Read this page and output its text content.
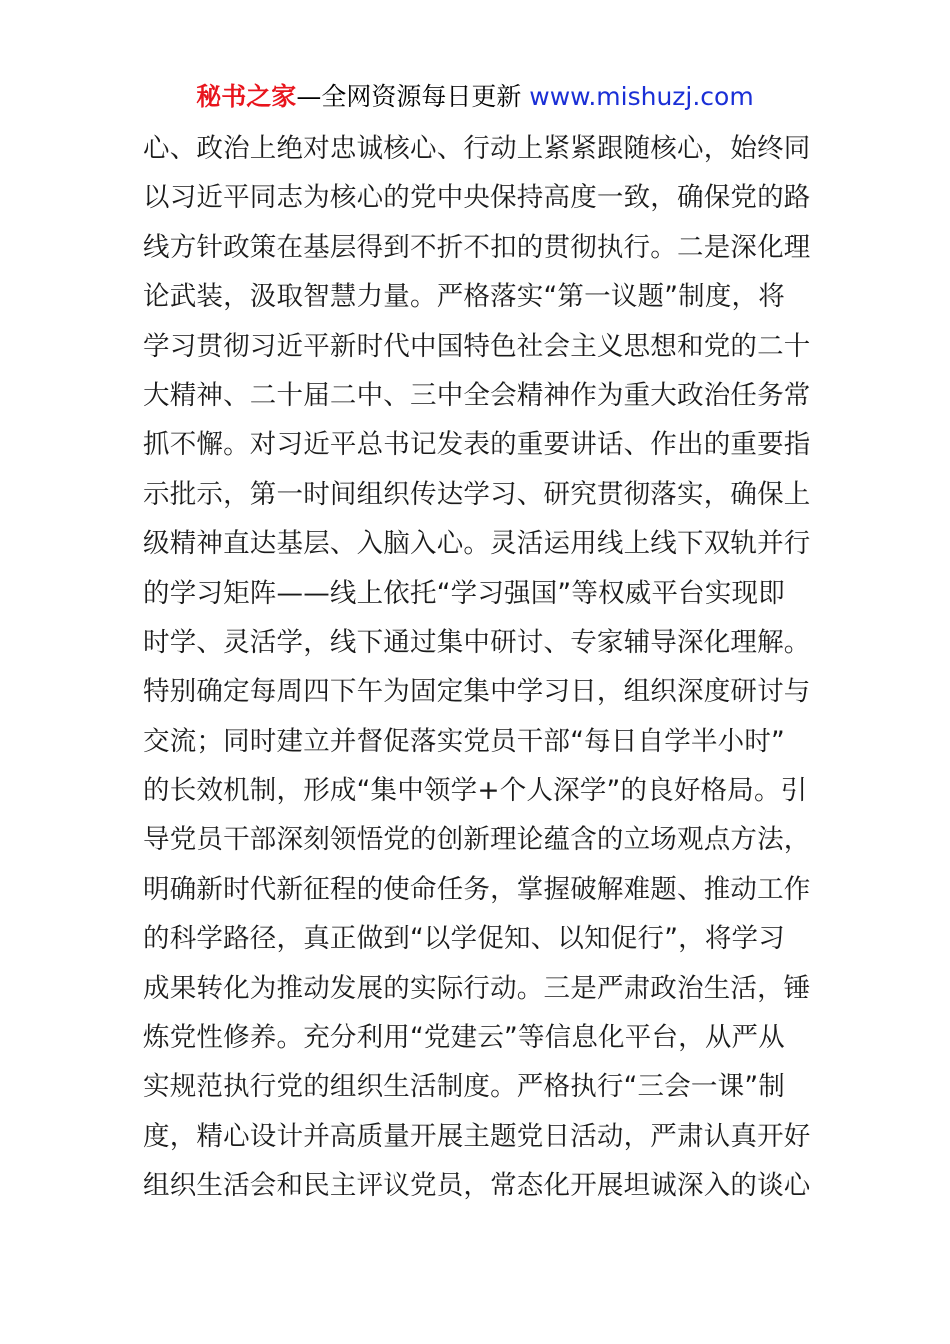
秘书之家—全网资源每日更新 www.mishuzj.com
心、政治上绝对忠诚核心、行动上紧紧跟随核心，始终同
以习近平同志为核心的党中央保持高度一致，确保党的路
线方针政策在基层得到不折不扣的贯彻执行。二是深化理
论武装，汲取智慧力量。严格落实“第一议题”制度，将
学习贯彻习近平新时代中国特色社会主义思想和党的二十
大精神、二十届二中、三中全会精神作为重大政治任务常
抓不懈。对习近平总书记发表的重要讲话、作出的重要指
示批示，第一时间组织传达学习、研究贯彻落实，确保上
级精神直达基层、入脑入心。灵活运用线上线下双轨并行
的学习矩阵——线上依托“学习强国”等权威平台实现即
时学、灵活学，线下通过集中研讨、专家辅导深化理解。
特别确定每周四下午为固定集中学习日，组织深度研讨与
交流；同时建立并督促落实党员干部“每日自学半小时”
的长效机制，形成“集中领学+个人深学”的良好格局。引
导党员干部深刻领悟党的创新理论蕴含的立场观点方法，
明确新时代新征程的使命任务，掌握破解难题、推动工作
的科学路径，真正做到“以学促知、以知促行”，将学习
成果转化为推动发展的实际行动。三是严肃政治生活，锤
炼党性修养。充分利用“党建云”等信息化平台，从严从
实规范执行党的组织生活制度。严格执行“三会一课”制
度，精心设计并高质量开展主题党日活动，严肃认真开好
组织生活会和民主评议党员，常态化开展坦诚深入的谈心
